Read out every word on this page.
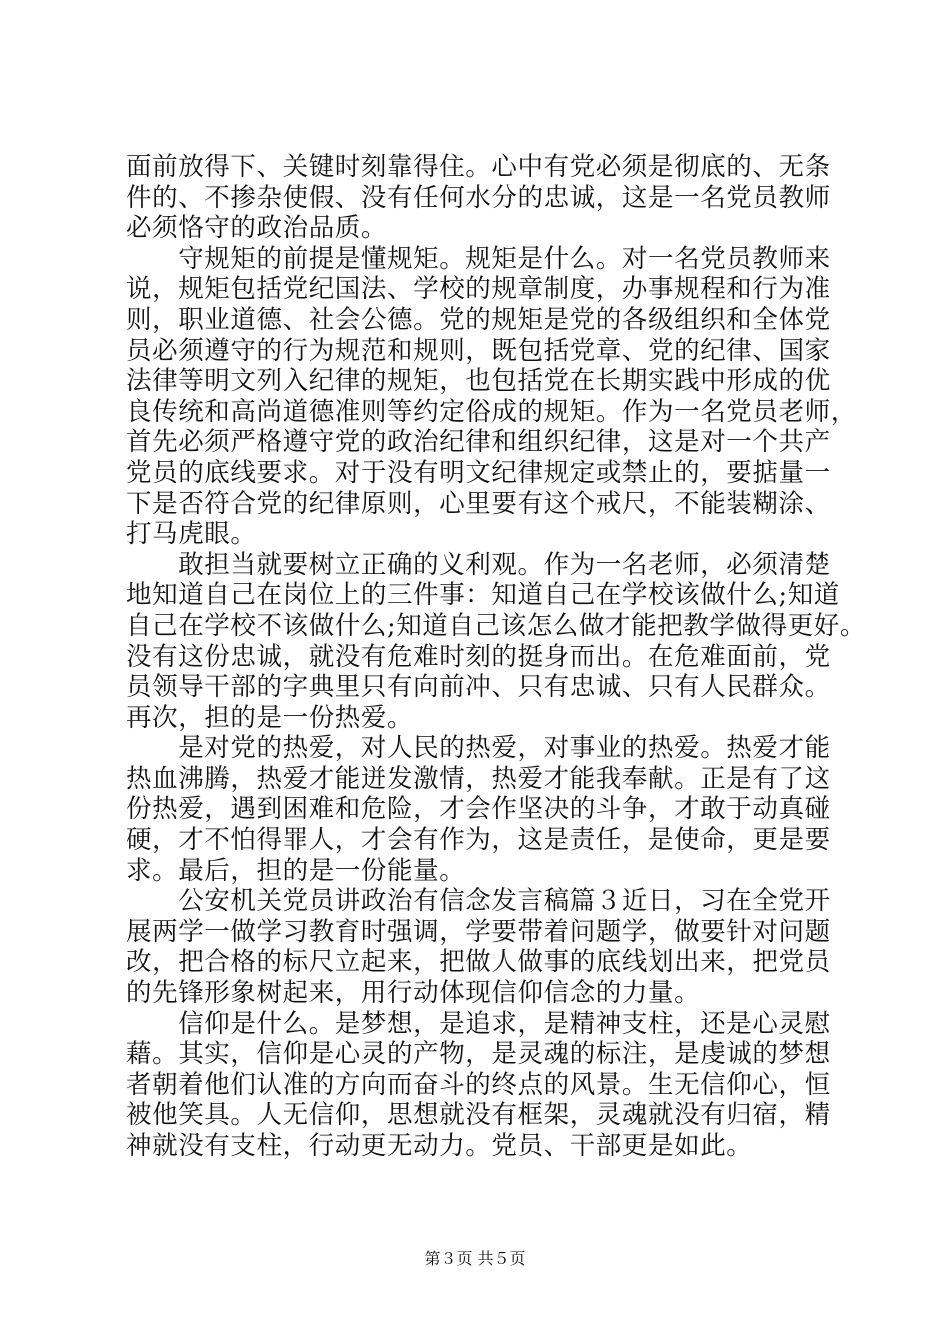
面前放得下、关键时刻靠得住。心中有党必须是彻底的、无条
件的、不掺杂使假、没有任何水分的忠诚，这是一名党员教师
必须恪守的政治品质。
　　守规矩的前提是懂规矩。规矩是什么。对一名党员教师来
说，规矩包括党纪国法、学校的规章制度，办事规程和行为准
则，职业道德、社会公德。党的规矩是党的各级组织和全体党
员必须遵守的行为规范和规则，既包括党章、党的纪律、国家
法律等明文列入纪律的规矩，也包括党在长期实践中形成的优
良传统和高尚道德准则等约定俗成的规矩。作为一名党员老师，
首先必须严格遵守党的政治纪律和组织纪律，这是对一个共产
党员的底线要求。对于没有明文纪律规定或禁止的，要掂量一
下是否符合党的纪律原则，心里要有这个戒尺，不能装糊涂、
打马虎眼。
　　敢担当就要树立正确的义利观。作为一名老师，必须清楚
地知道自己在岗位上的三件事：知道自己在学校该做什么;知道
自己在学校不该做什么;知道自己该怎么做才能把教学做得更好。
没有这份忠诚，就没有危难时刻的挺身而出。在危难面前，党
员领导干部的字典里只有向前冲、只有忠诚、只有人民群众。
再次，担的是一份热爱。
　　是对党的热爱，对人民的热爱，对事业的热爱。热爱才能
热血沸腾，热爱才能迸发激情，热爱才能我奉献。正是有了这
份热爱，遇到困难和危险，才会作坚决的斗争，才敢于动真碰
硬，才不怕得罪人，才会有作为，这是责任，是使命，更是要
求。最后，担的是一份能量。
　　公安机关党员讲政治有信念发言稿篇３近日，习在全党开
展两学一做学习教育时强调，学要带着问题学，做要针对问题
改，把合格的标尺立起来，把做人做事的底线划出来，把党员
的先锋形象树起来，用行动体现信仰信念的力量。
　　信仰是什么。是梦想，是追求，是精神支柱，还是心灵慰
藉。其实，信仰是心灵的产物，是灵魂的标注，是虔诚的梦想
者朝着他们认准的方向而奋斗的终点的风景。生无信仰心，恒
被他笑具。人无信仰，思想就没有框架，灵魂就没有归宿，精
神就没有支柱，行动更无动力。党员、干部更是如此。
第３页 共５页
